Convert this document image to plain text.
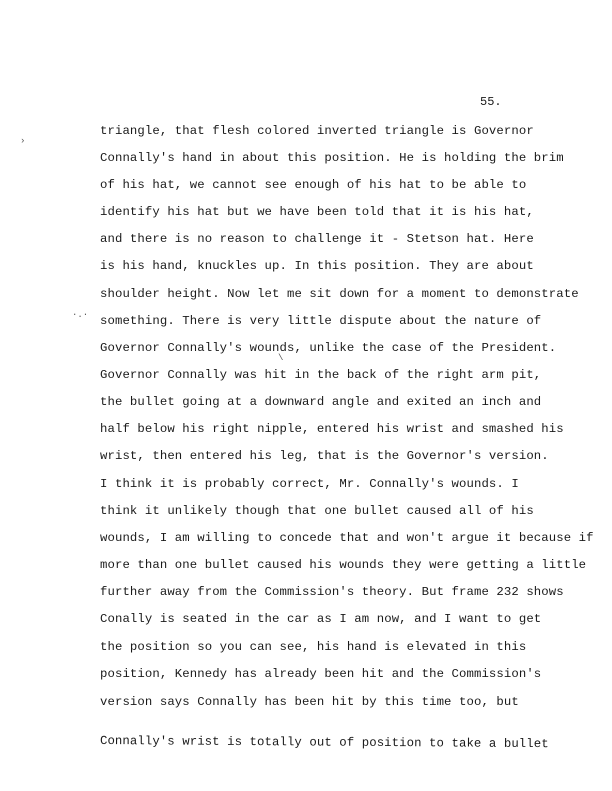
55.
›
·.·
\
triangle, that flesh colored inverted triangle is Governor
Connally's hand in about this position. He is holding the brim
of his hat, we cannot see enough of his hat to be able to
identify his hat but we have been told that it is his hat,
and there is no reason to challenge it - Stetson hat. Here
is his hand, knuckles up. In this position. They are about
shoulder height. Now let me sit down for a moment to demonstrate
something. There is very little dispute about the nature of
Governor Connally's wounds, unlike the case of the President.
Governor Connally was hit in the back of the right arm pit,
the bullet going at a downward angle and exited an inch and
half below his right nipple, entered his wrist and smashed his
wrist, then entered his leg, that is the Governor's version.
I think it is probably correct, Mr. Connally's wounds. I
think it unlikely though that one bullet caused all of his
wounds, I am willing to concede that and won't argue it because if
more than one bullet caused his wounds they were getting a little
further away from the Commission's theory. But frame 232 shows
Conally is seated in the car as I am now, and I want to get
the position so you can see, his hand is elevated in this
position, Kennedy has already been hit and the Commission's
version says Connally has been hit by this time too, but
Connally's wrist is totally out of position to take a bullet
